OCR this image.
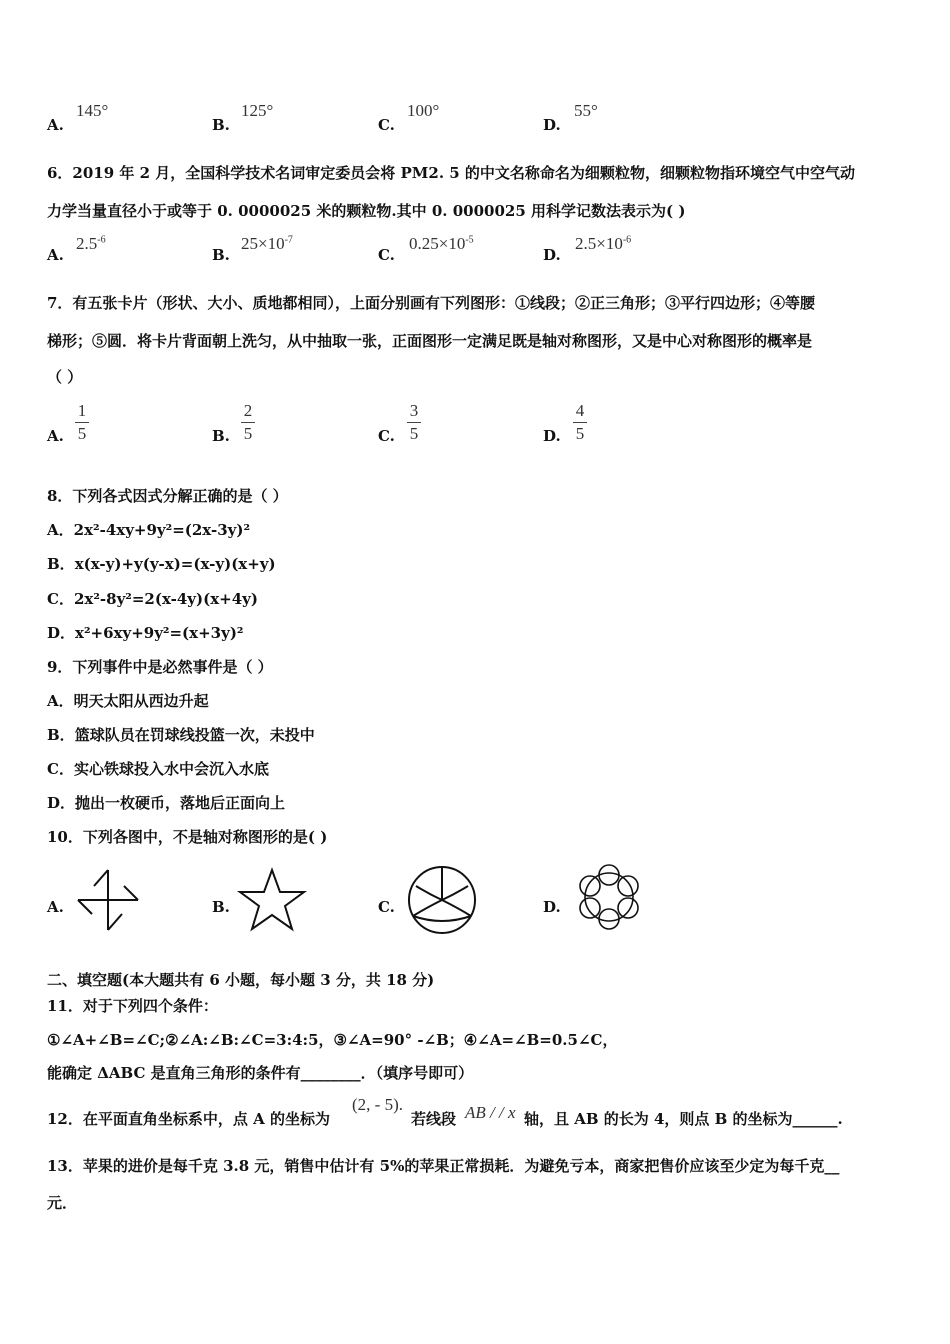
A.
145°
B.
125°
C.
100°
D.
55°
6．2019 年 2 月，全国科学技术名词审定委员会将 PM2. 5 的中文名称命名为细颗粒物，细颗粒物指环境空气中空气动
力学当量直径小于或等于 0. 0000025 米的颗粒物.其中 0. 0000025 用科学记数法表示为( )
A.
$2.5^{-6}$
B.
$25\times 10^{-7}$
C.
$0.25\times 10^{-5}$
D.
$2.5\times 10^{-6}$
7．有五张卡片（形状、大小、质地都相同），上面分别画有下列图形：①线段；②正三角形；③平行四边形；④等腰
梯形；⑤圆．将卡片背面朝上洗匀，从中抽取一张，正面图形一定满足既是轴对称图形，又是中心对称图形的概率是
（ ）
A.
1
5	B.
2
5	C.
3
5	D.
4
5
8．下列各式因式分解正确的是（ ）
A．2x²-4xy+9y²=(2x-3y)²
B．x(x-y)+y(y-x)=(x-y)(x+y)
C．2x²-8y²=2(x-4y)(x+4y)
D．x²+6xy+9y²=(x+3y)²
9．下列事件中是必然事件是（ ）
A．明天太阳从西边升起
B．篮球队员在罚球线投篮一次，未投中
C．实心铁球投入水中会沉入水底
D．抛出一枚硬币，落地后正面向上
10．下列各图中，不是轴对称图形的是( )
A.	B.	C.	D.
二、填空题(本大题共有 6 小题，每小题 3 分，共 18 分)
11．对于下列四个条件：
①∠A+∠B=∠C;②∠A:∠B:∠C=3:4:5，③∠A=90° -∠B；④∠A=∠B=0.5∠C，
能确定 ΔABC 是直角三角形的条件有________．（填序号即可）
12．在平面直角坐标系中，点 A 的坐标为
(2, - 5).
若线段 AB / / x 轴，且 AB 的长为 4，则点 B 的坐标为______.
13．苹果的进价是每千克 3.8 元，销售中估计有 5%的苹果正常损耗．为避免亏本，商家把售价应该至少定为每千克__
元．
